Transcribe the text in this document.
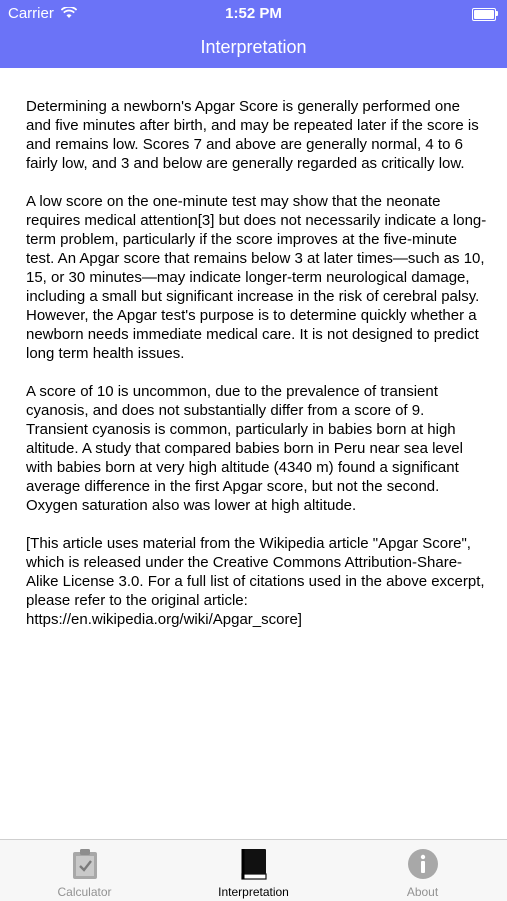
Carrier	1:52 PM
Interpretation

Determining a newborn's Apgar Score is generally performed one and five minutes after birth, and may be repeated later if the score is and remains low. Scores 7 and above are generally normal, 4 to 6 fairly low, and 3 and below are generally regarded as critically low.

A low score on the one-minute test may show that the neonate requires medical attention[3] but does not necessarily indicate a long-term problem, particularly if the score improves at the five-minute test. An Apgar score that remains below 3 at later times—such as 10, 15, or 30 minutes—may indicate longer-term neurological damage, including a small but significant increase in the risk of cerebral palsy. However, the Apgar test's purpose is to determine quickly whether a newborn needs immediate medical care. It is not designed to predict long term health issues.

A score of 10 is uncommon, due to the prevalence of transient cyanosis, and does not substantially differ from a score of 9. Transient cyanosis is common, particularly in babies born at high altitude. A study that compared babies born in Peru near sea level with babies born at very high altitude (4340 m) found a significant average difference in the first Apgar score, but not the second. Oxygen saturation also was lower at high altitude.

[This article uses material from the Wikipedia article "Apgar Score", which is released under the Creative Commons Attribution-Share-Alike License 3.0. For a full list of citations used in the above excerpt, please refer to the original article: https://en.wikipedia.org/wiki/Apgar_score]

Calculator	Interpretation	About
